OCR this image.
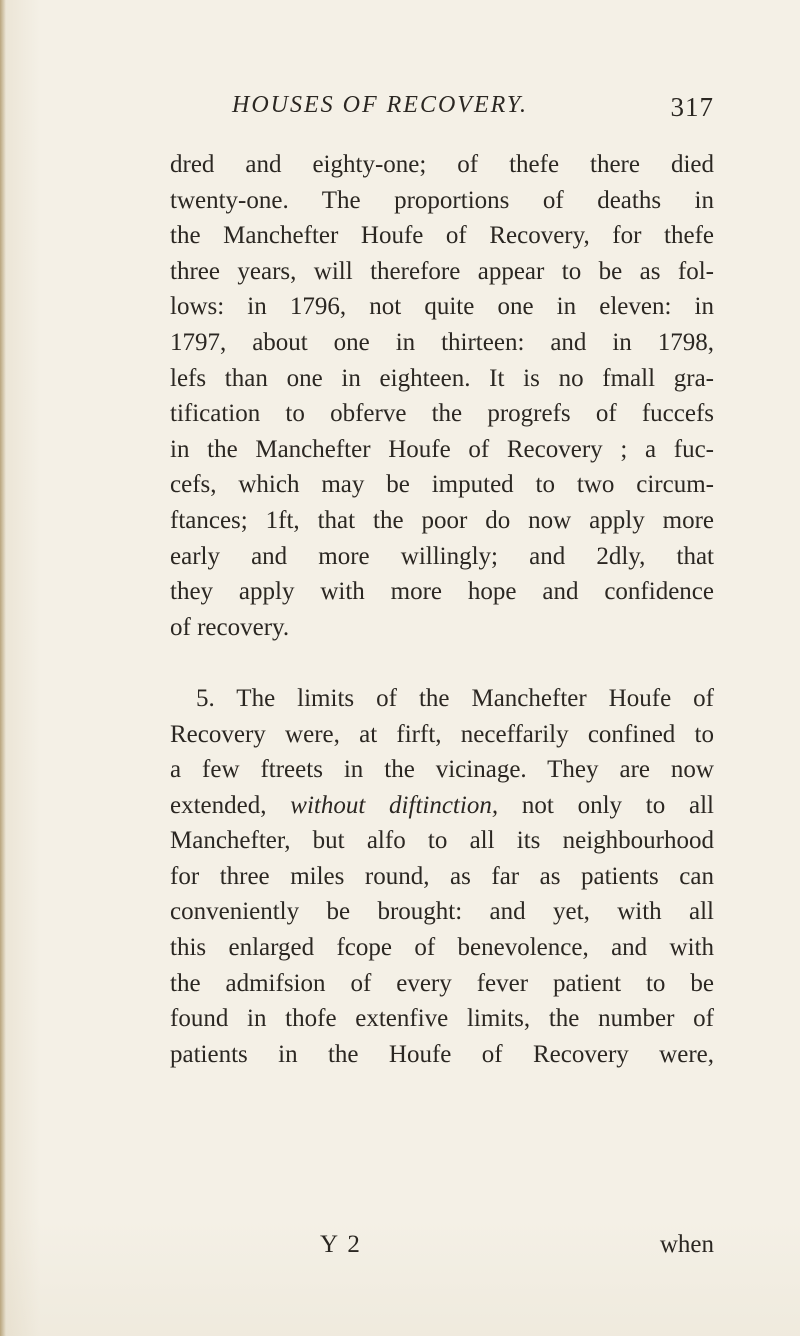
HOUSES OF RECOVERY.	317
dred and eighty-one; of thefe there died
twenty-one. The proportions of deaths in
the Manchefter Houfe of Recovery, for thefe
three years, will therefore appear to be as fol-
lows: in 1796, not quite one in eleven: in
1797, about one in thirteen: and in 1798,
lefs than one in eighteen. It is no fmall gra-
tification to obferve the progrefs of fuccefs
in the Manchefter Houfe of Recovery ; a fuc-
cefs, which may be imputed to two circum-
ftances; 1ft, that the poor do now apply more
early and more willingly; and 2dly, that
they apply with more hope and confidence
of recovery.
5. The limits of the Manchefter Houfe of
Recovery were, at firft, neceffarily confined to
a few ftreets in the vicinage. They are now
extended, without diftinction, not only to all
Manchefter, but alfo to all its neighbourhood
for three miles round, as far as patients can
conveniently be brought: and yet, with all
this enlarged fcope of benevolence, and with
the admifsion of every fever patient to be
found in thofe extenfive limits, the number of
patients in the Houfe of Recovery were,
Y 2	when
